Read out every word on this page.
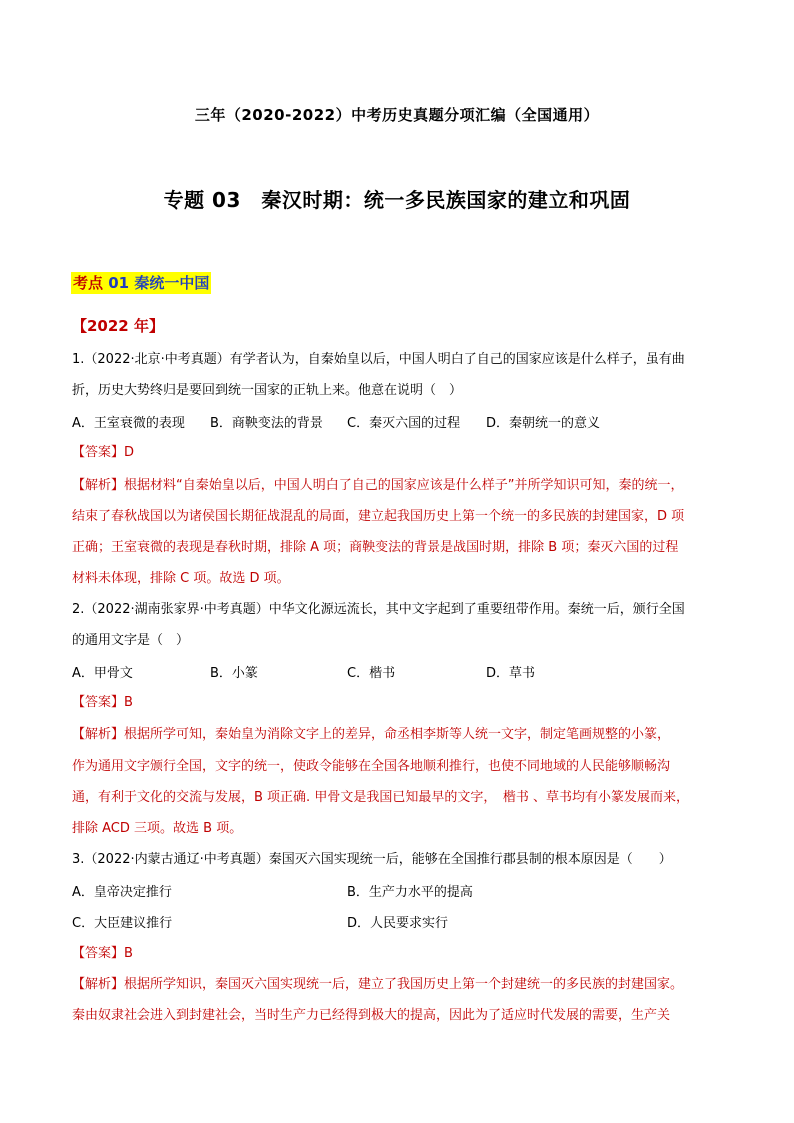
三年（2020-2022）中考历史真题分项汇编（全国通用）
专题 03　秦汉时期：统一多民族国家的建立和巩固
考点 01 秦统一中国
【2022 年】
1.（2022·北京·中考真题）有学者认为，自秦始皇以后，中国人明白了自己的国家应该是什么样子，虽有曲
折，历史大势终归是要回到统一国家的正轨上来。他意在说明（　）
A．王室衰微的表现 B．商鞅变法的背景 C．秦灭六国的过程 D．秦朝统一的意义
【答案】D
【解析】根据材料“自秦始皇以后，中国人明白了自己的国家应该是什么样子”并所学知识可知，秦的统一，
结束了春秋战国以为诸侯国长期征战混乱的局面，建立起我国历史上第一个统一的多民族的封建国家，D 项
正确；王室衰微的表现是春秋时期，排除 A 项；商鞅变法的背景是战国时期，排除 B 项；秦灭六国的过程
材料未体现，排除 C 项。故选 D 项。
2.（2022·湖南张家界·中考真题）中华文化源远流长，其中文字起到了重要纽带作用。秦统一后，颁行全国
的通用文字是（　）
A．甲骨文	B．小篆	C．楷书	D．草书
【答案】B
【解析】根据所学可知，秦始皇为消除文字上的差异，命丞相李斯等人统一文字，制定笔画规整的小篆，
作为通用文字颁行全国，文字的统一，使政令能够在全国各地顺利推行，也使不同地域的人民能够顺畅沟
通，有利于文化的交流与发展，B 项正确. 甲骨文是我国已知最早的文字，　楷书 、草书均有小篆发展而来，
排除 ACD 三项。故选 B 项。
3.（2022·内蒙古通辽·中考真题）秦国灭六国实现统一后，能够在全国推行郡县制的根本原因是（　　）
A．皇帝决定推行	B．生产力水平的提高
C．大臣建议推行	D．人民要求实行
【答案】B
【解析】根据所学知识，秦国灭六国实现统一后，建立了我国历史上第一个封建统一的多民族的封建国家。
秦由奴隶社会进入到封建社会，当时生产力已经得到极大的提高，因此为了适应时代发展的需要，生产关
